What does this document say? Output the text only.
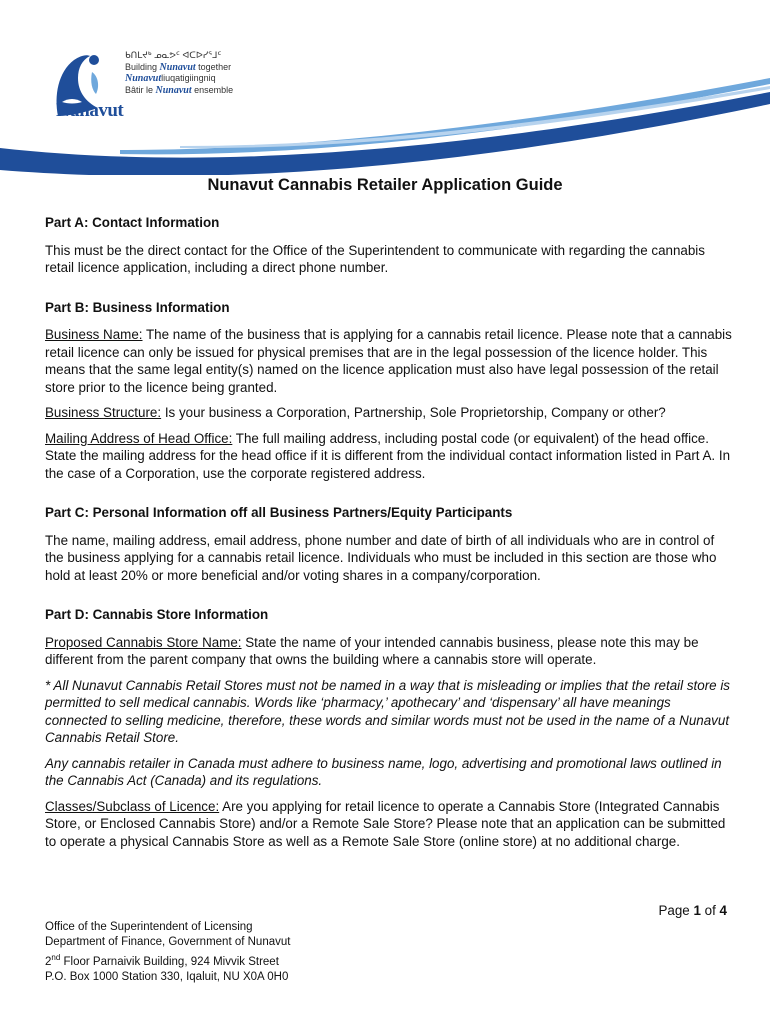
Nunavut
ᑲᑎᒪᔪᒃ ᓄᓇᕗᑦ ᐊᑕᐅᓯᕐᒧᑦ
Building Nunavut together
Nunavutliuqatigiingniq
Bâtir le Nunavut ensemble
Nunavut Cannabis Retailer Application Guide
Part A: Contact Information

This must be the direct contact for the Office of the Superintendent to communicate with regarding the cannabis retail licence application, including a direct phone number.

Part B: Business Information

Business Name: The name of the business that is applying for a cannabis retail licence. Please note that a cannabis retail licence can only be issued for physical premises that are in the legal possession of the licence holder. This means that the same legal entity(s) named on the licence application must also have legal possession of the retail store prior to the licence being granted.

Business Structure: Is your business a Corporation, Partnership, Sole Proprietorship, Company or other?

Mailing Address of Head Office: The full mailing address, including postal code (or equivalent) of the head office. State the mailing address for the head office if it is different from the individual contact information listed in Part A. In the case of a Corporation, use the corporate registered address.

Part C: Personal Information off all Business Partners/Equity Participants

The name, mailing address, email address, phone number and date of birth of all individuals who are in control of the business applying for a cannabis retail licence. Individuals who must be included in this section are those who hold at least 20% or more beneficial and/or voting shares in a company/corporation.

Part D: Cannabis Store Information

Proposed Cannabis Store Name: State the name of your intended cannabis business, please note this may be different from the parent company that owns the building where a cannabis store will operate.

* All Nunavut Cannabis Retail Stores must not be named in a way that is misleading or implies that the retail store is permitted to sell medical cannabis. Words like ‘pharmacy,’ apothecary’ and ‘dispensary’ all have meanings connected to selling medicine, therefore, these words and similar words must not be used in the name of a Nunavut Cannabis Retail Store.

Any cannabis retailer in Canada must adhere to business name, logo, advertising and promotional laws outlined in the Cannabis Act (Canada) and its regulations.

Classes/Subclass of Licence: Are you applying for retail licence to operate a Cannabis Store (Integrated Cannabis Store, or Enclosed Cannabis Store) and/or a Remote Sale Store? Please note that an application can be submitted to operate a physical Cannabis Store as well as a Remote Sale Store (online store) at no additional charge.

Page 1 of 4
Office of the Superintendent of Licensing
Department of Finance, Government of Nunavut
2nd Floor Parnaivik Building, 924 Mivvik Street
P.O. Box 1000 Station 330, Iqaluit, NU X0A 0H0
